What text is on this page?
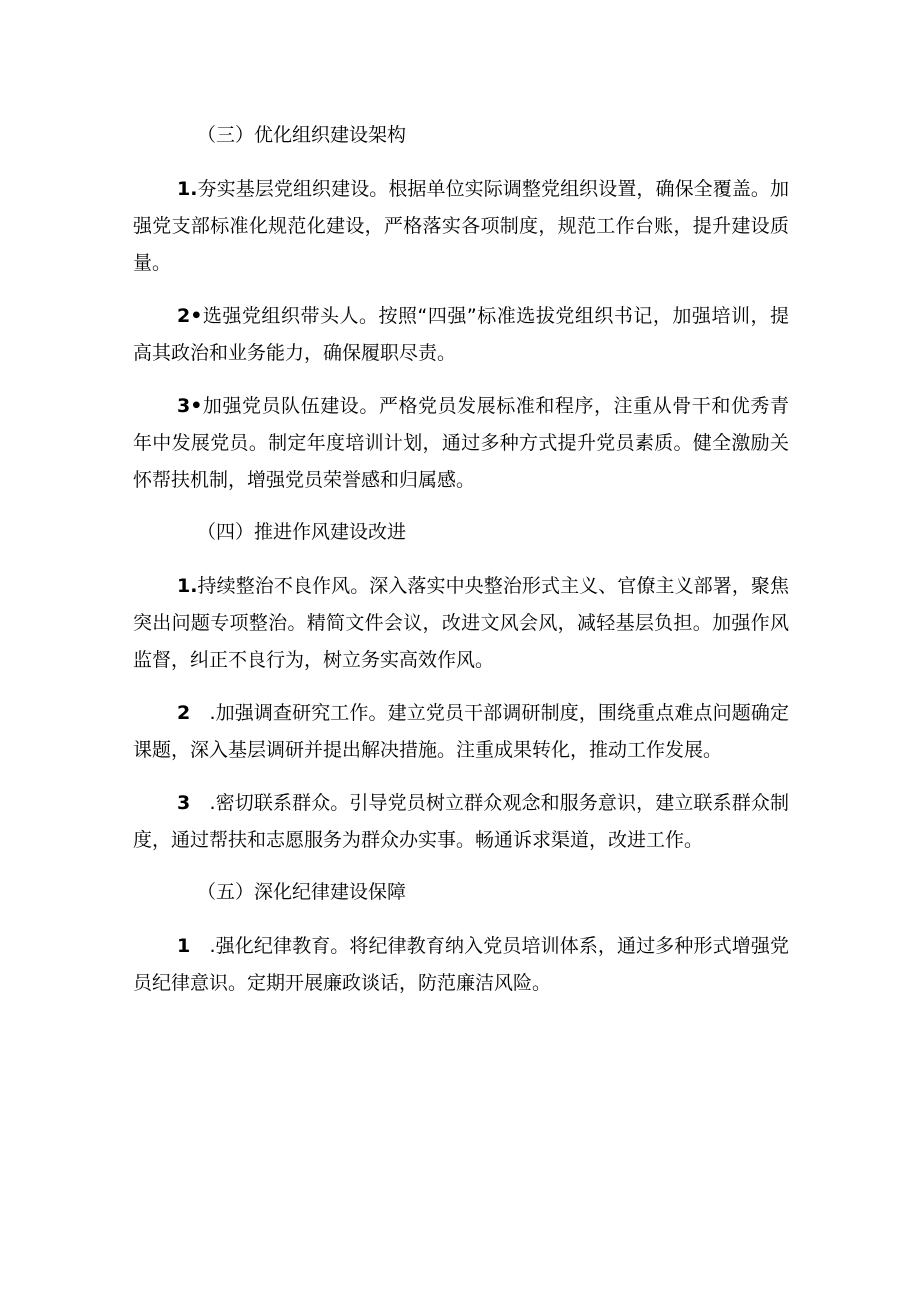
（三）优化组织建设架构

1.夯实基层党组织建设。根据单位实际调整党组织设置，确保全覆盖。加强党支部标准化规范化建设，严格落实各项制度，规范工作台账，提升建设质量。

2•选强党组织带头人。按照“四强”标准选拔党组织书记，加强培训，提高其政治和业务能力，确保履职尽责。

3•加强党员队伍建设。严格党员发展标准和程序，注重从骨干和优秀青年中发展党员。制定年度培训计划，通过多种方式提升党员素质。健全激励关怀帮扶机制，增强党员荣誉感和归属感。

（四）推进作风建设改进

1.持续整治不良作风。深入落实中央整治形式主义、官僚主义部署，聚焦突出问题专项整治。精简文件会议，改进文风会风，减轻基层负担。加强作风监督，纠正不良行为，树立务实高效作风。

2　.加强调查研究工作。建立党员干部调研制度，围绕重点难点问题确定课题，深入基层调研并提出解决措施。注重成果转化，推动工作发展。

3　.密切联系群众。引导党员树立群众观念和服务意识，建立联系群众制度，通过帮扶和志愿服务为群众办实事。畅通诉求渠道，改进工作。

（五）深化纪律建设保障

1　.强化纪律教育。将纪律教育纳入党员培训体系，通过多种形式增强党员纪律意识。定期开展廉政谈话，防范廉洁风险。
